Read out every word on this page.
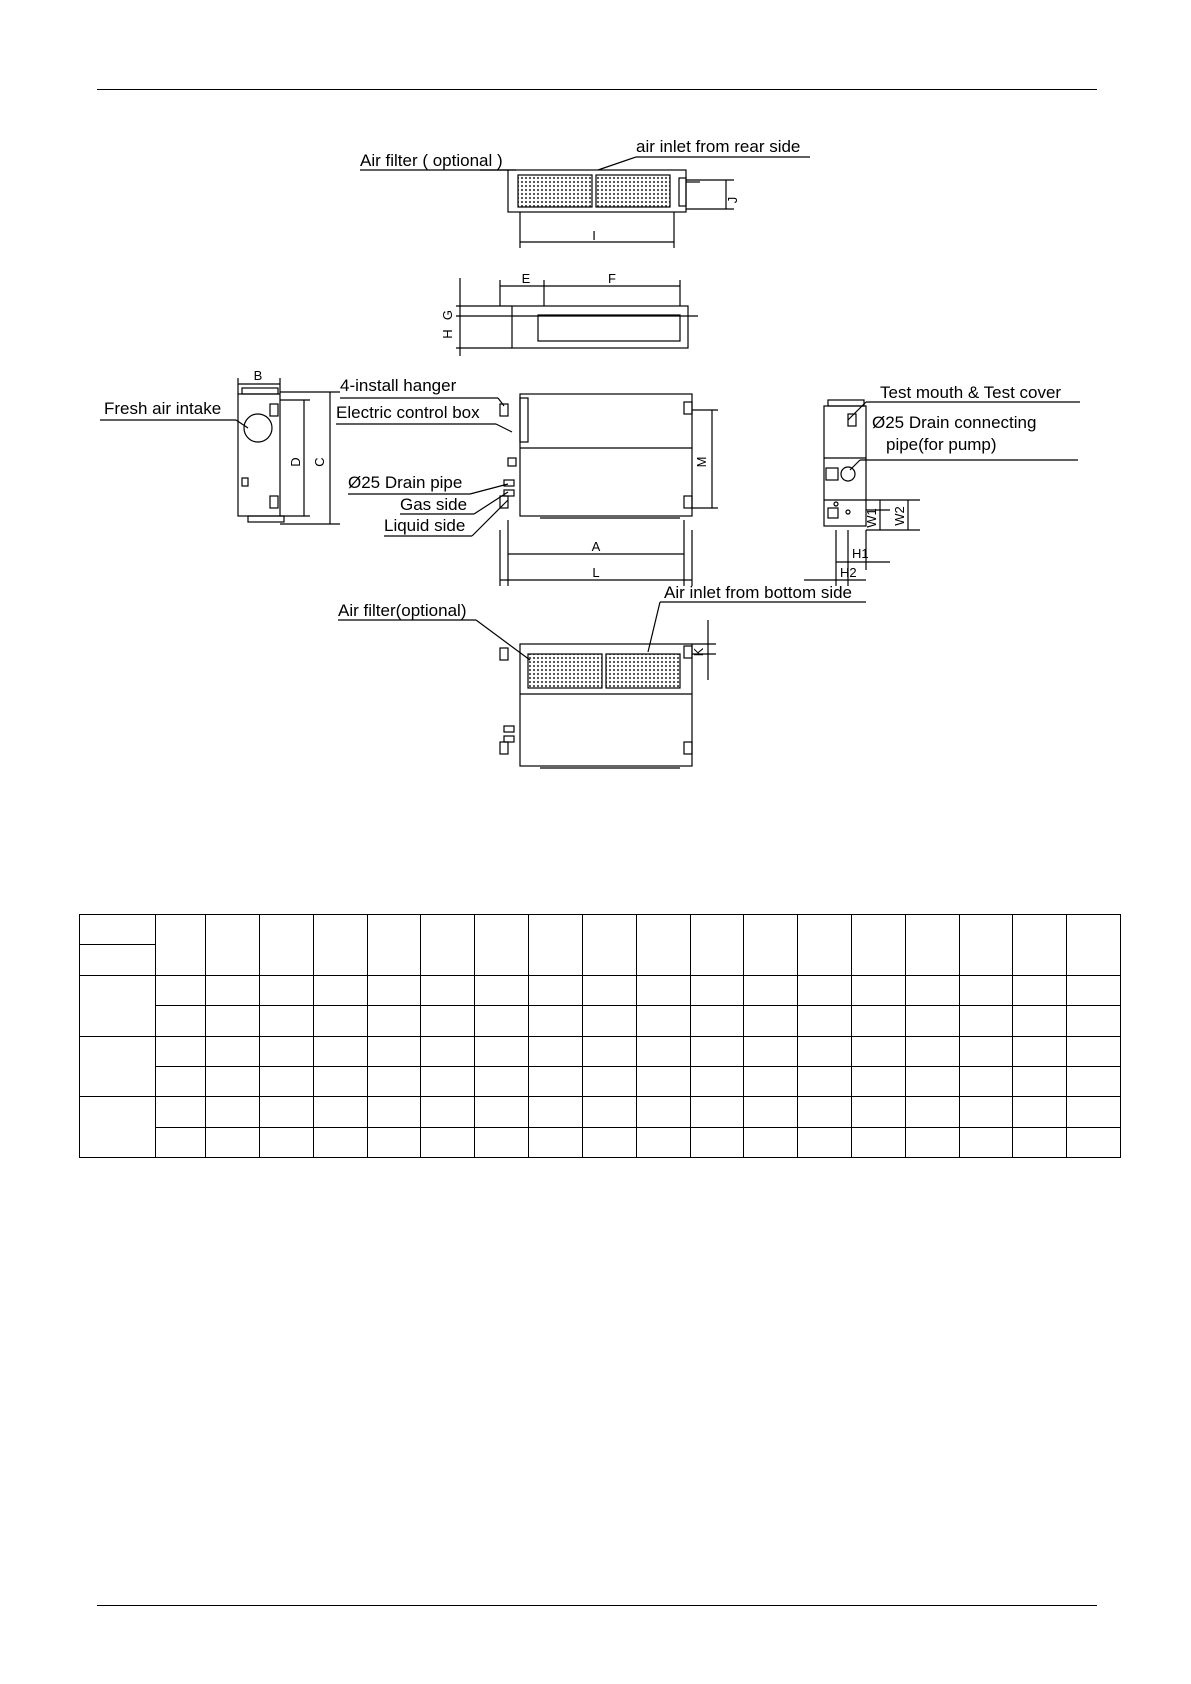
Air filter ( optional )
air inlet from rear side
4-install hanger
Electric control box
Fresh air intake
Ø25 Drain pipe
Gas side
Liquid side
Test mouth & Test cover
Ø25 Drain connecting
pipe(for pump)
Air filter(optional)
Air inlet from bottom side
I
J
E	F
G
H
B
D C	M
A
L
W1 W2
H1
H2
K
